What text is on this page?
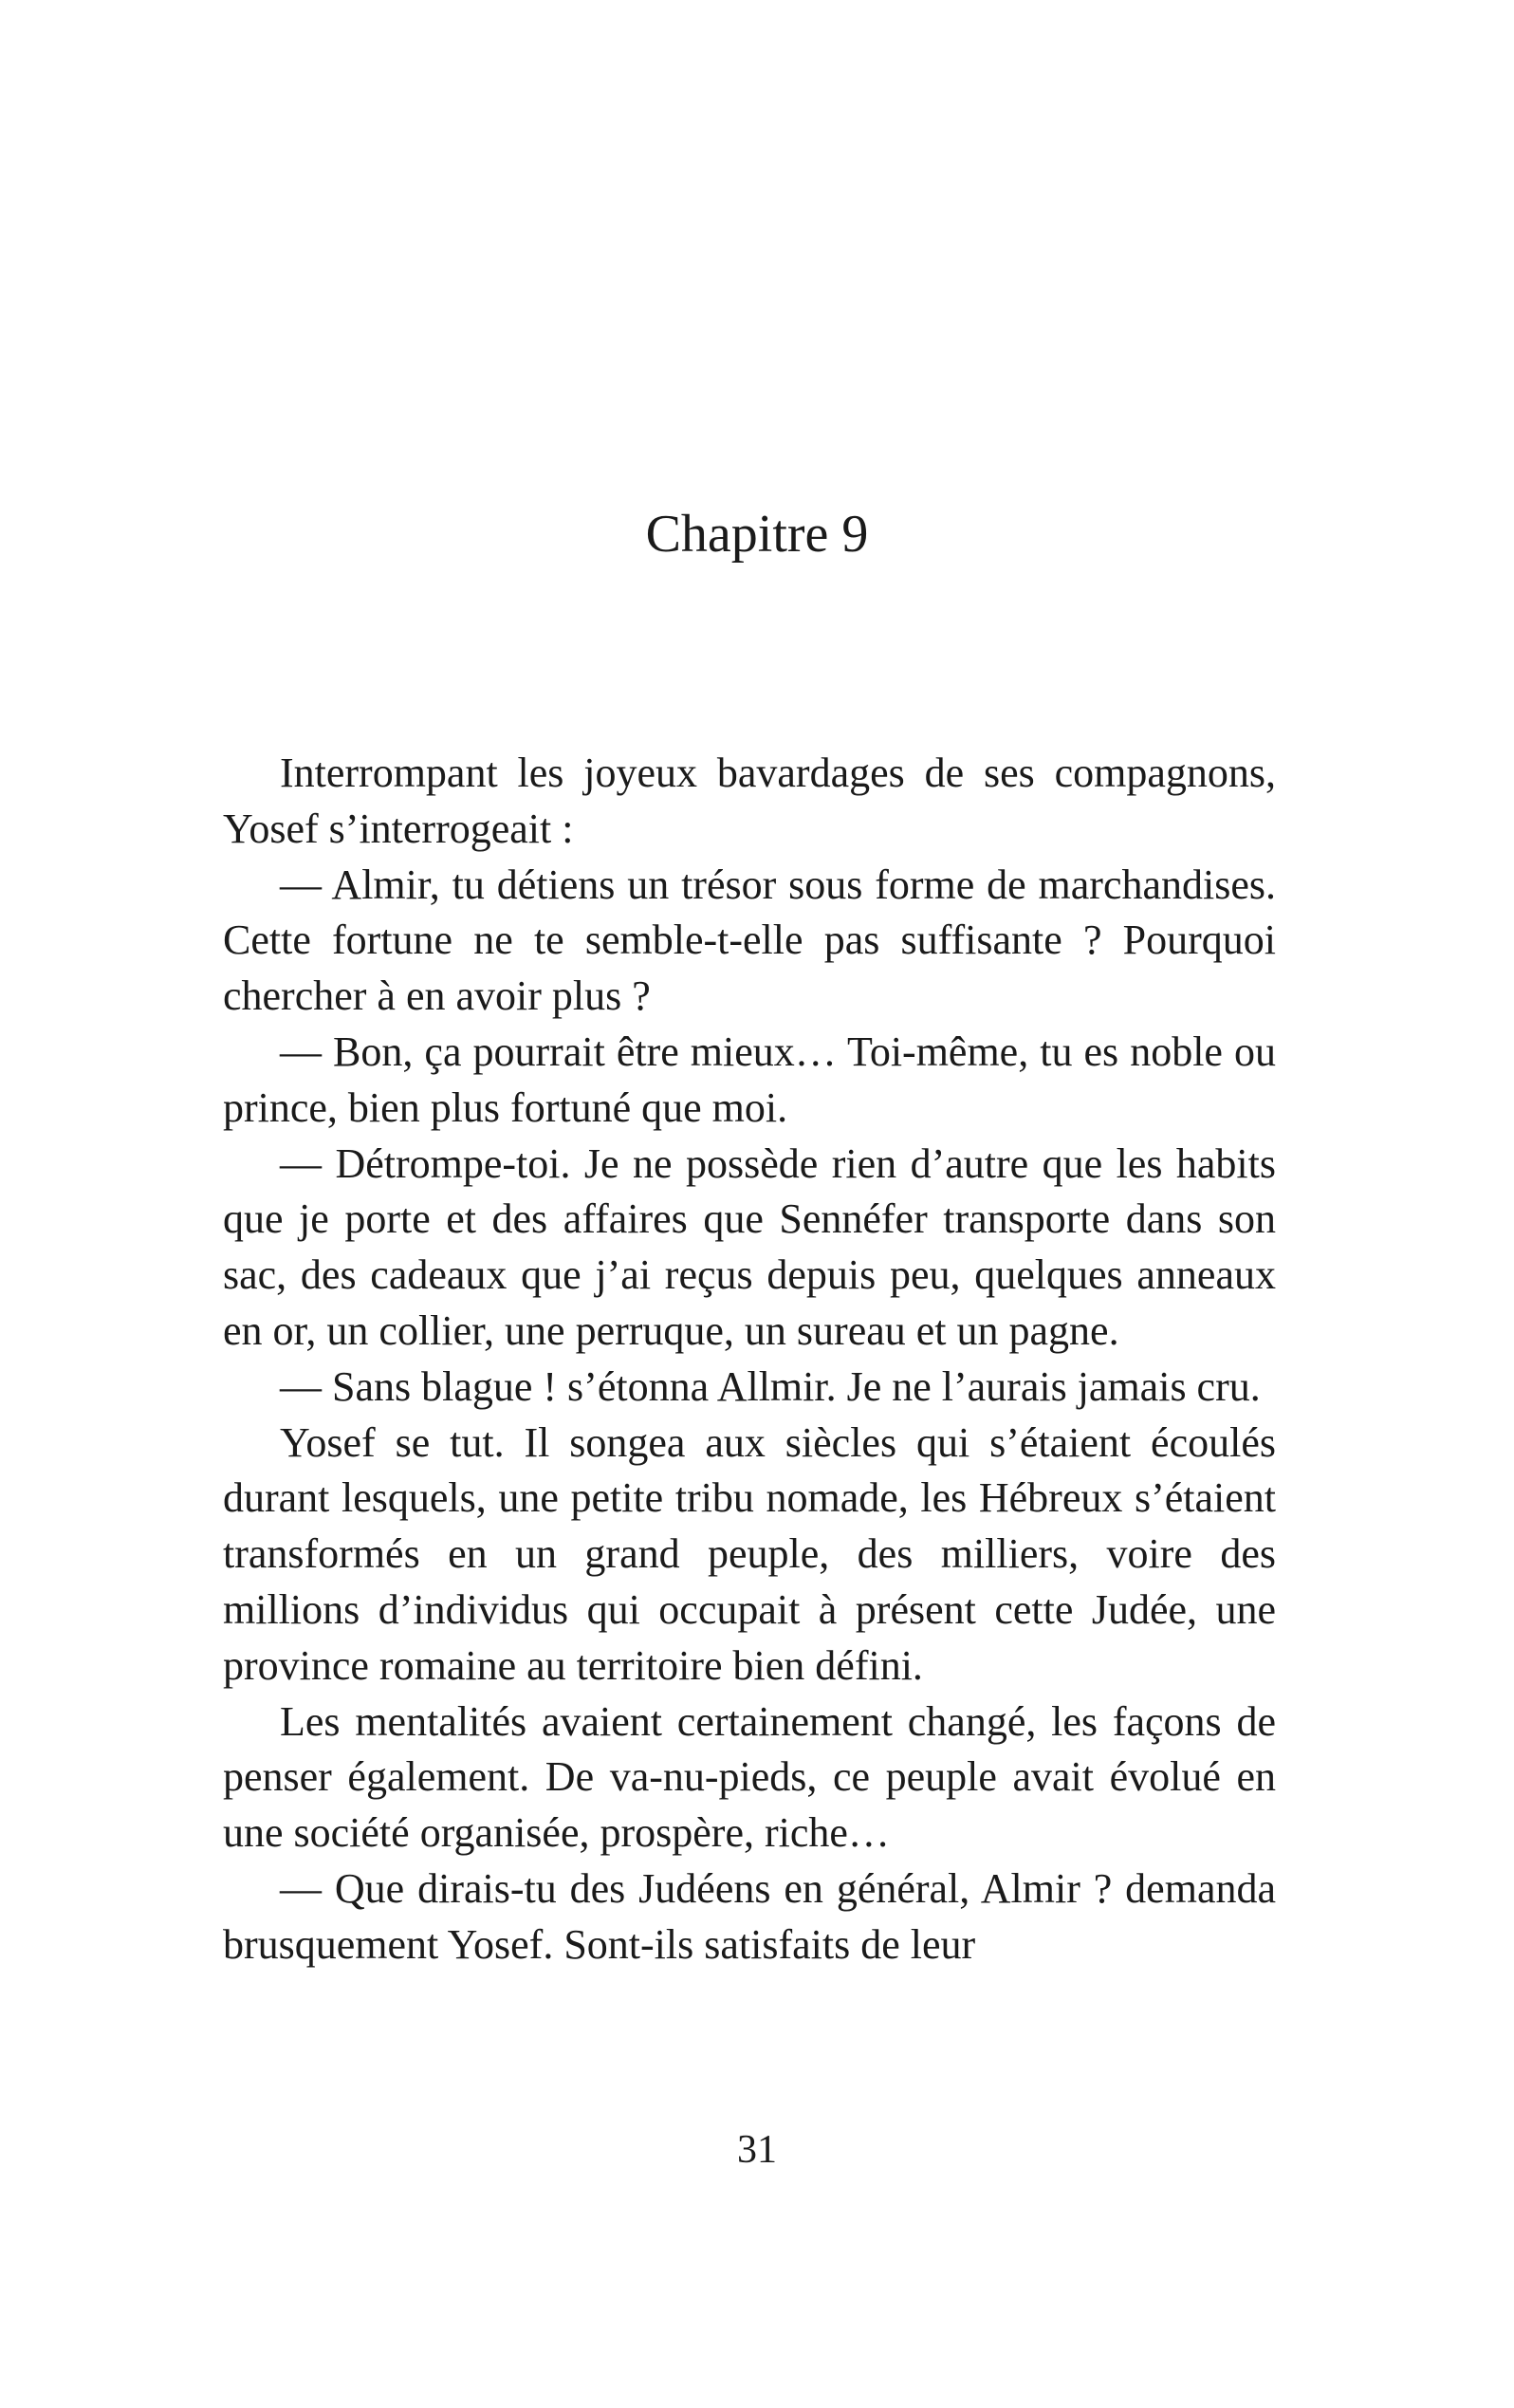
Chapitre 9

Interrompant les joyeux bavardages de ses compagnons, Yosef s’interrogeait :

— Almir, tu détiens un trésor sous forme de marchandises. Cette fortune ne te semble-t-elle pas suffisante ? Pourquoi chercher à en avoir plus ?

— Bon, ça pourrait être mieux… Toi-même, tu es noble ou prince, bien plus fortuné que moi.

— Détrompe-toi. Je ne possède rien d’autre que les habits que je porte et des affaires que Sennéfer transporte dans son sac, des cadeaux que j’ai reçus depuis peu, quelques anneaux en or, un collier, une perruque, un sureau et un pagne.

— Sans blague ! s’étonna Allmir. Je ne l’aurais jamais cru.

Yosef se tut. Il songea aux siècles qui s’étaient écoulés durant lesquels, une petite tribu nomade, les Hébreux s’étaient transformés en un grand peuple, des milliers, voire des millions d’individus qui occupait à présent cette Judée, une province romaine au territoire bien défini.

Les mentalités avaient certainement changé, les façons de penser également. De va-nu-pieds, ce peuple avait évolué en une société organisée, prospère, riche…

— Que dirais-tu des Judéens en général, Almir ? demanda brusquement Yosef. Sont-ils satisfaits de leur

31
